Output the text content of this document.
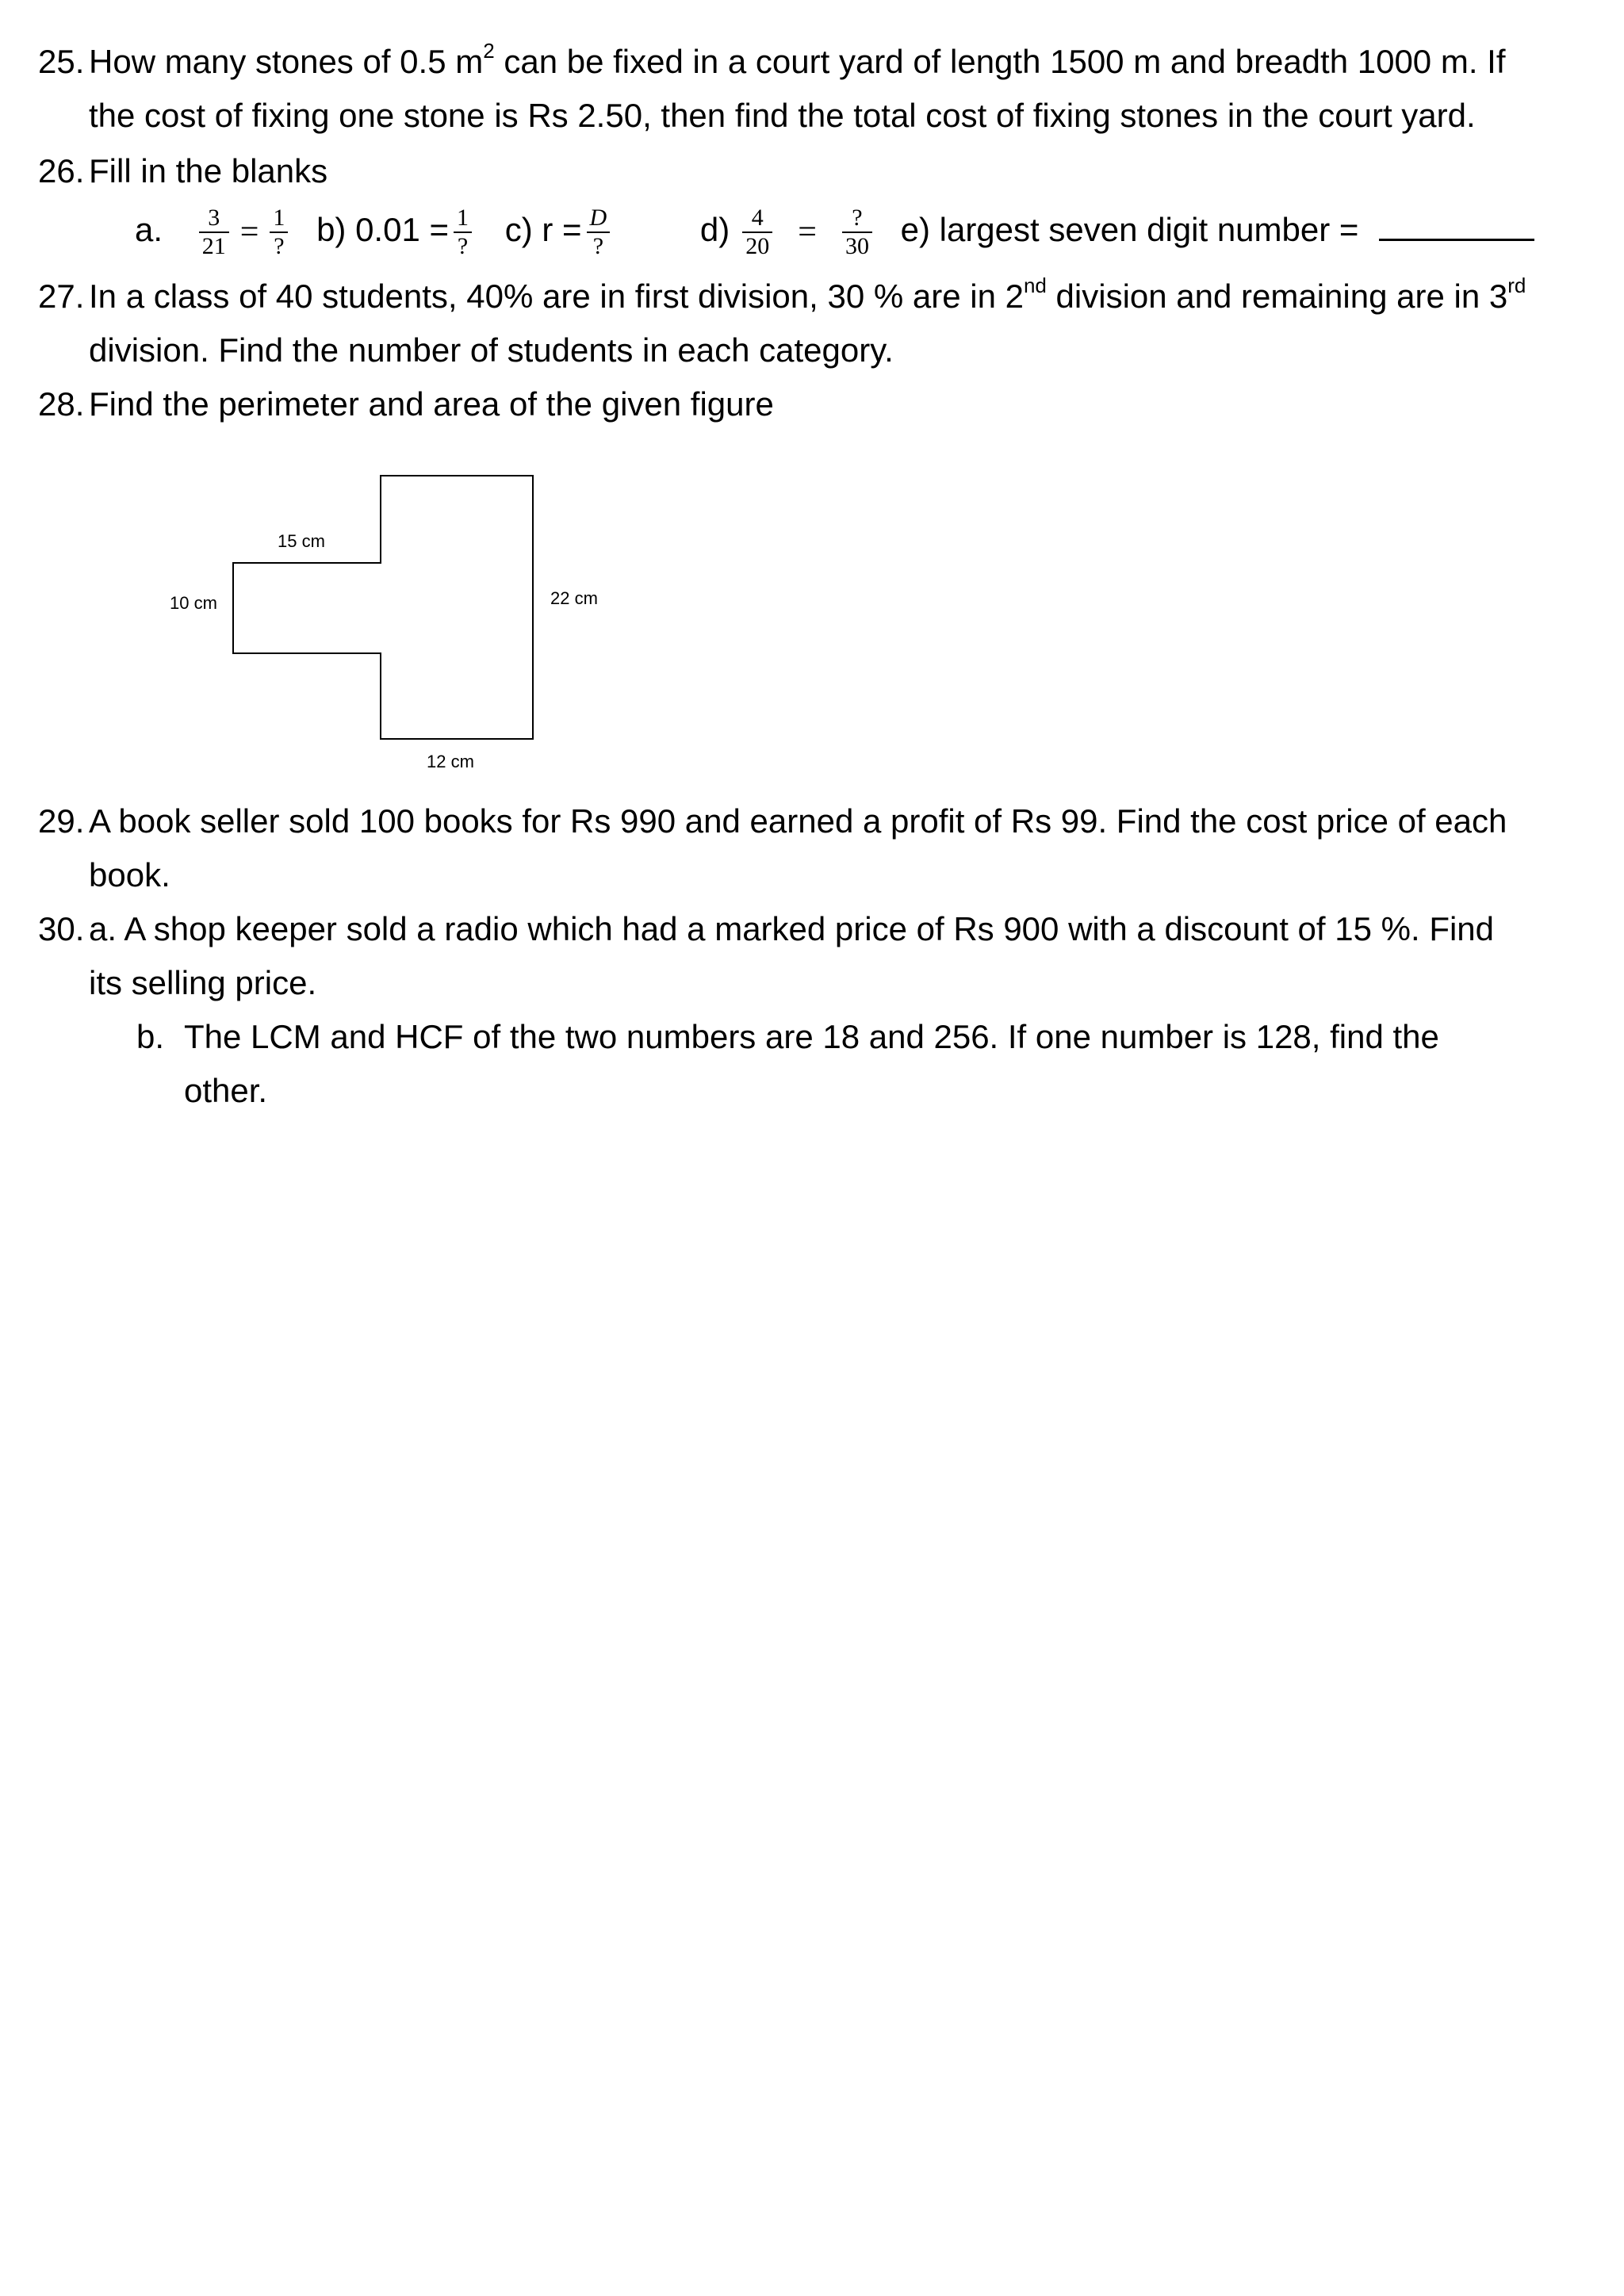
25. How many stones of 0.5 $m^2$ can be fixed in a court yard of length 1500 m and breadth 1000 m. If
the cost of fixing one stone is Rs 2.50, then find the total cost of fixing stones in the court yard.
26. Fill in the blanks
a. $\frac{3}{21} = \frac{1}{?} b$) $0.01 = \frac{1}{?} c$) $r = \frac{D}{?}$	$d) \frac{4}{20} = \frac{?}{30} e$) largest seven digit number =
27. In a class of 40 students, 40% are in first division, 30 % are in 2nd division and remaining are in 3rd
division. Find the number of students in each category.
28. Find the perimeter and area of the given figure
15 cm
10 cm	22 cm
12 cm
29. A book seller sold 100 books for Rs 990 and earned a profit of Rs 99. Find the cost price of each
book.
30. a. A shop keeper sold a radio which had a marked price of Rs 900 with a discount of 15 %. Find
its selling price.
b. The LCM and HCF of the two numbers are 18 and 256. If one number is 128, find the
other.
